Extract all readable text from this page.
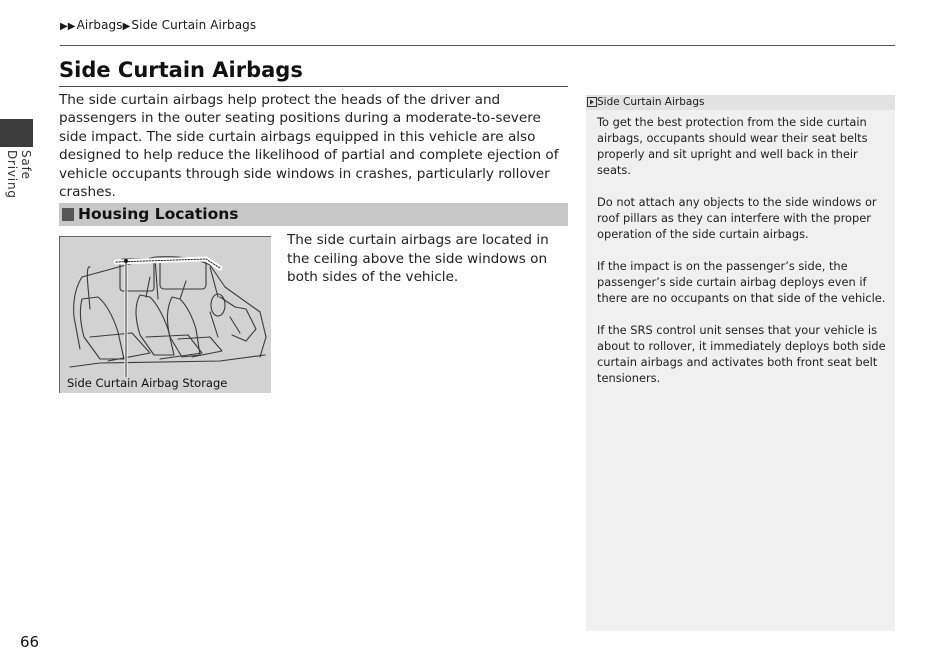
▶▶Airbags▶Side Curtain Airbags
Safe Driving
Side Curtain Airbags

The side curtain airbags help protect the heads of the driver and passengers in the outer seating positions during a moderate-to-severe side impact. The side curtain airbags equipped in this vehicle are also designed to help reduce the likelihood of partial and complete ejection of vehicle occupants through side windows in crashes, particularly rollover crashes.

Housing Locations
Side Curtain Airbag Storage

The side curtain airbags are located in the ceiling above the side windows on both sides of the vehicle.

Side Curtain Airbags

To get the best protection from the side curtain airbags, occupants should wear their seat belts properly and sit upright and well back in their seats.

Do not attach any objects to the side windows or roof pillars as they can interfere with the proper operation of the side curtain airbags.

If the impact is on the passenger’s side, the passenger’s side curtain airbag deploys even if there are no occupants on that side of the vehicle.

If the SRS control unit senses that your vehicle is about to rollover, it immediately deploys both side curtain airbags and activates both front seat belt tensioners.

66
